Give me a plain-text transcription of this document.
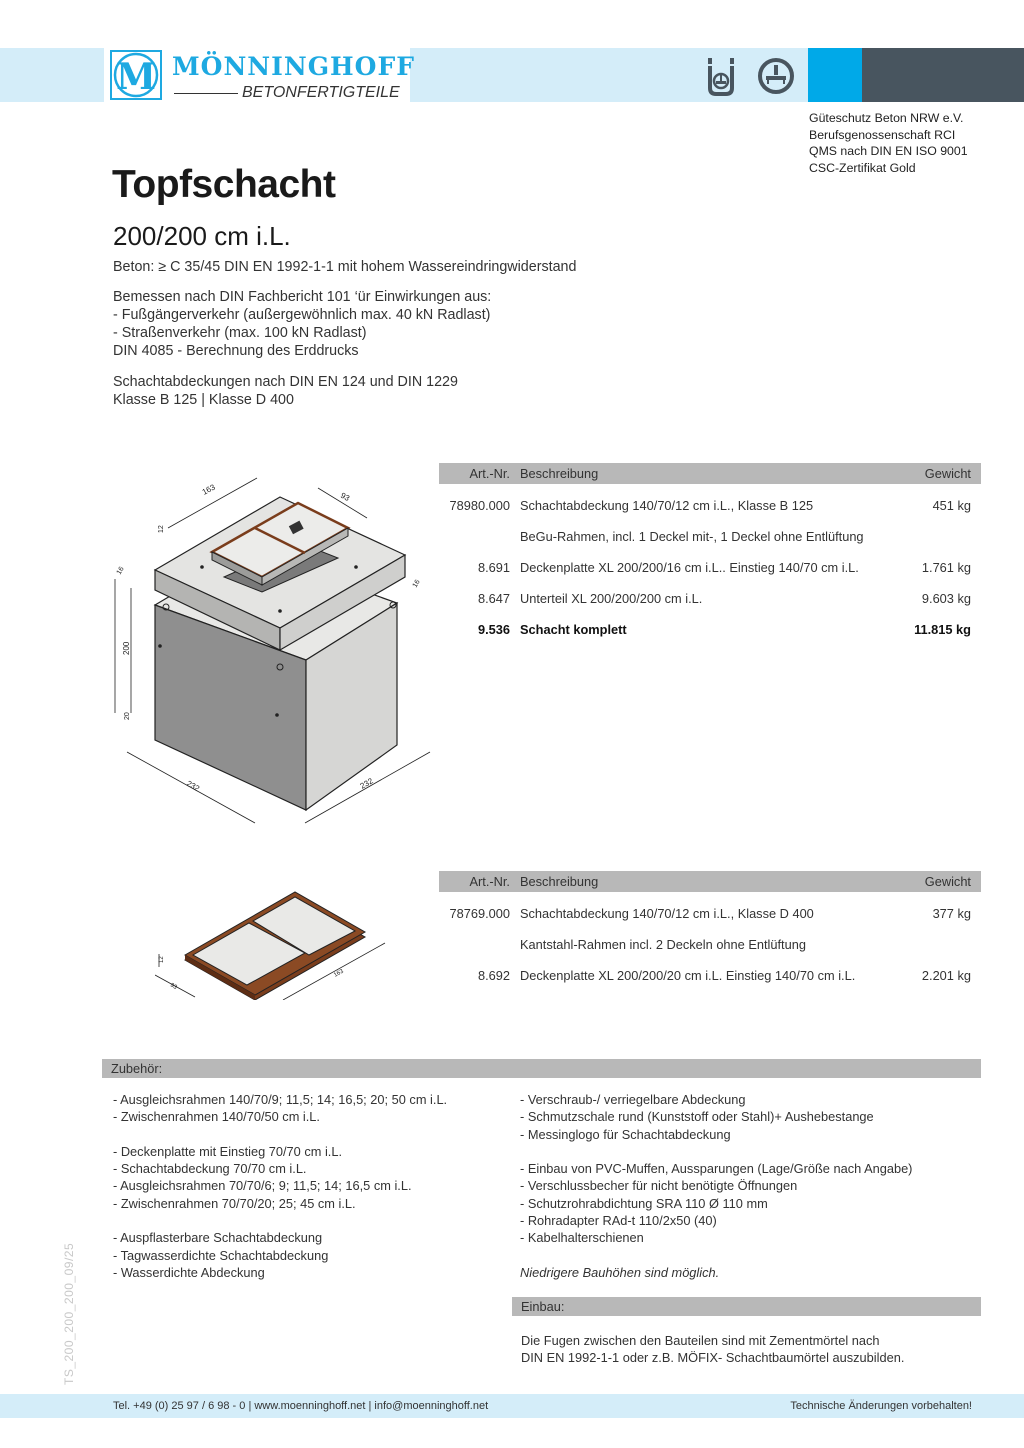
M MÖNNINGHOFF
BETONFERTIGTEILE
Güteschutz Beton NRW e.V.
Berufsgenossenschaft RCI
QMS nach DIN EN ISO 9001
CSC-Zertifikat Gold
Topfschacht
200/200 cm i.L.
Beton: ≥ C 35/45 DIN EN 1992-1-1 mit hohem Wassereindringwiderstand
Bemessen nach DIN Fachbericht 101 ‘ür Einwirkungen aus:
- Fußgängerverkehr (außergewöhnlich max. 40 kN Radlast)
- Straßenverkehr (max. 100 kN Radlast)
DIN 4085 - Berechnung des Erddrucks
Schachtabdeckungen nach DIN EN 124 und DIN 1229
Klasse B 125 | Klasse D 400
163
93
12
16
16
200
20
232	232
Art.-Nr. Beschreibung	Gewicht
78980.000 Schachtabdeckung 140/70/12 cm i.L., Klasse B 125	451 kg
BeGu-Rahmen, incl. 1 Deckel mit-, 1 Deckel ohne Entlüftung
8.691 Deckenplatte XL 200/200/16 cm i.L.. Einstieg 140/70 cm i.L.	1.761 kg
8.647 Unterteil XL 200/200/200 cm i.L.	9.603 kg
9.536 Schacht komplett	11.815 kg
12
93
163
Art.-Nr. Beschreibung	Gewicht
78769.000 Schachtabdeckung 140/70/12 cm i.L., Klasse D 400	377 kg
Kantstahl-Rahmen incl. 2 Deckeln ohne Entlüftung
8.692 Deckenplatte XL 200/200/20 cm i.L. Einstieg 140/70 cm i.L.	2.201 kg
Zubehör:
- Ausgleichsrahmen 140/70/9; 11,5; 14; 16,5; 20; 50 cm i.L.
- Zwischenrahmen 140/70/50 cm i.L.
- Deckenplatte mit Einstieg 70/70 cm i.L.
- Schachtabdeckung 70/70 cm i.L.
- Ausgleichsrahmen 70/70/6; 9; 11,5; 14; 16,5 cm i.L.
- Zwischenrahmen 70/70/20; 25; 45 cm i.L.
- Auspflasterbare Schachtabdeckung
- Tagwasserdichte Schachtabdeckung
- Wasserdichte Abdeckung
- Verschraub-/ verriegelbare Abdeckung
- Schmutzschale rund (Kunststoff oder Stahl)+ Aushebestange
- Messinglogo für Schachtabdeckung
- Einbau von PVC-Muffen, Aussparungen (Lage/Größe nach Angabe)
- Verschlussbecher für nicht benötigte Öffnungen
- Schutzrohrabdichtung SRA 110 Ø 110 mm
- Rohradapter RAd-t 110/2x50 (40)
- Kabelhalterschienen
Niedrigere Bauhöhen sind möglich.
Einbau:
Die Fugen zwischen den Bauteilen sind mit Zementmörtel nach
DIN EN 1992-1-1 oder z.B. MÖFIX- Schachtbaumörtel auszubilden.
TS_200_200_200_09/25
Tel. +49 (0) 25 97 / 6 98 - 0 | www.moenninghoff.net | info@moenninghoff.net	Technische Änderungen vorbehalten!
